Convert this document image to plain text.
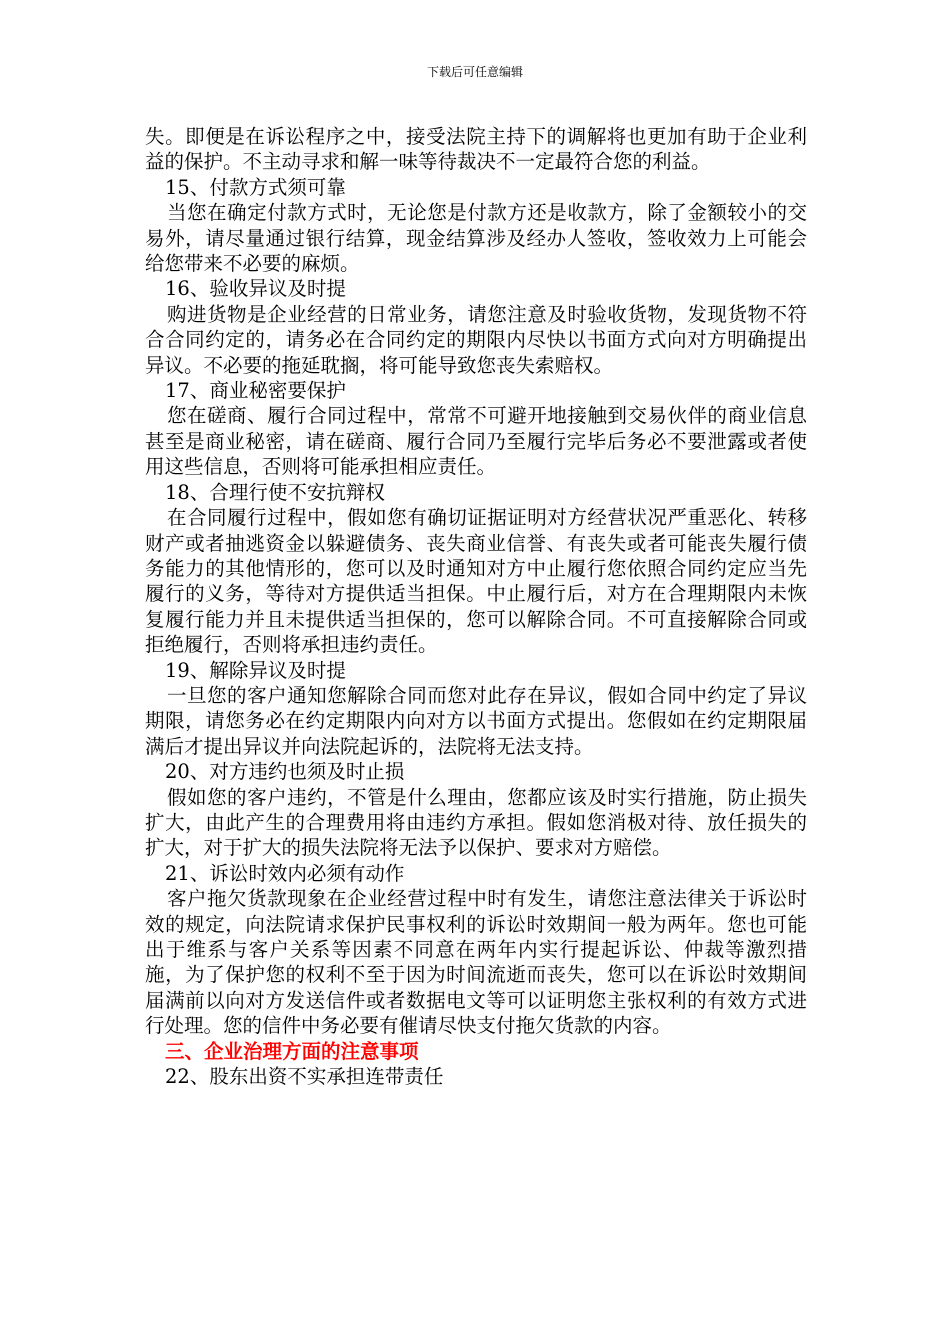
下载后可任意编辑

失。即便是在诉讼程序之中，接受法院主持下的调解将也更加有助于企业利益的保护。不主动寻求和解一味等待裁决不一定最符合您的利益。

15、付款方式须可靠

当您在确定付款方式时，无论您是付款方还是收款方，除了金额较小的交易外，请尽量通过银行结算，现金结算涉及经办人签收，签收效力上可能会给您带来不必要的麻烦。

16、验收异议及时提

购进货物是企业经营的日常业务，请您注意及时验收货物，发现货物不符合合同约定的，请务必在合同约定的期限内尽快以书面方式向对方明确提出异议。不必要的拖延耽搁，将可能导致您丧失索赔权。

17、商业秘密要保护

您在磋商、履行合同过程中，常常不可避开地接触到交易伙伴的商业信息甚至是商业秘密，请在磋商、履行合同乃至履行完毕后务必不要泄露或者使用这些信息，否则将可能承担相应责任。

18、合理行使不安抗辩权

在合同履行过程中，假如您有确切证据证明对方经营状况严重恶化、转移财产或者抽逃资金以躲避债务、丧失商业信誉、有丧失或者可能丧失履行债务能力的其他情形的，您可以及时通知对方中止履行您依照合同约定应当先履行的义务，等待对方提供适当担保。中止履行后，对方在合理期限内未恢复履行能力并且未提供适当担保的，您可以解除合同。不可直接解除合同或拒绝履行，否则将承担违约责任。

19、解除异议及时提

一旦您的客户通知您解除合同而您对此存在异议，假如合同中约定了异议期限，请您务必在约定期限内向对方以书面方式提出。您假如在约定期限届满后才提出异议并向法院起诉的，法院将无法支持。

20、对方违约也须及时止损

假如您的客户违约，不管是什么理由，您都应该及时实行措施，防止损失扩大，由此产生的合理费用将由违约方承担。假如您消极对待、放任损失的扩大，对于扩大的损失法院将无法予以保护、要求对方赔偿。

21、诉讼时效内必须有动作

客户拖欠货款现象在企业经营过程中时有发生，请您注意法律关于诉讼时效的规定，向法院请求保护民事权利的诉讼时效期间一般为两年。您也可能出于维系与客户关系等因素不同意在两年内实行提起诉讼、仲裁等激烈措施，为了保护您的权利不至于因为时间流逝而丧失，您可以在诉讼时效期间届满前以向对方发送信件或者数据电文等可以证明您主张权利的有效方式进行处理。您的信件中务必要有催请尽快支付拖欠货款的内容。

三、企业治理方面的注意事项

22、股东出资不实承担连带责任
